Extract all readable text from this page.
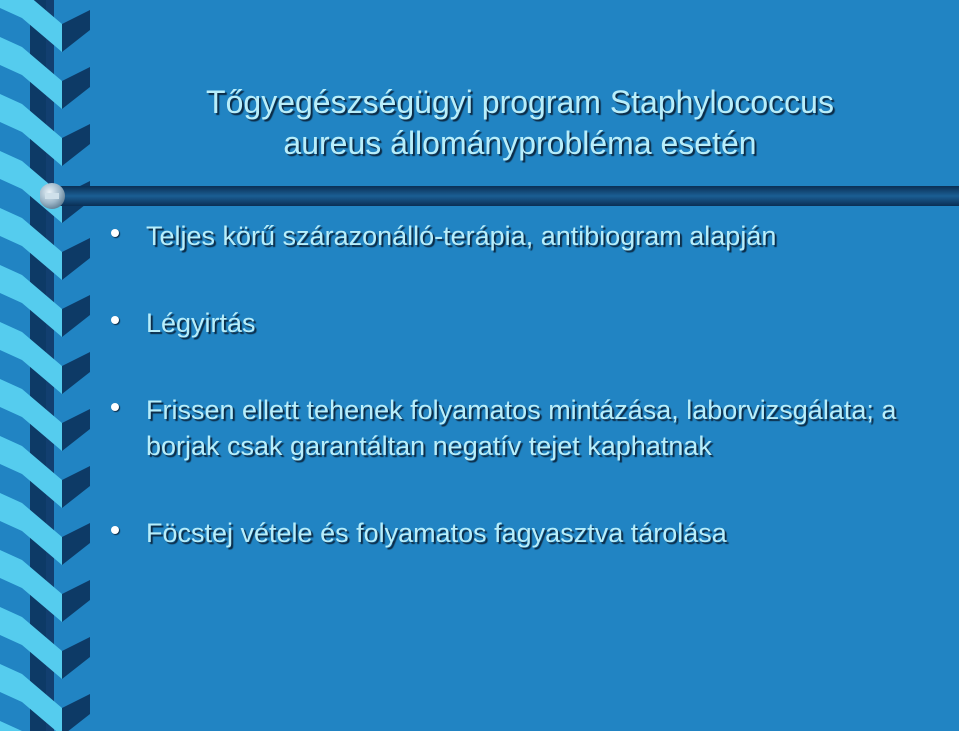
Tőgyegészségügyi program Staphylococcus
aureus állományprobléma esetén
Teljes körű szárazonálló-terápia, antibiogram alapján
Légyirtás
Frissen ellett tehenek folyamatos mintázása, laborvizsgálata; a borjak csak garantáltan negatív tejet kaphatnak
Föcstej vétele és folyamatos fagyasztva tárolása
